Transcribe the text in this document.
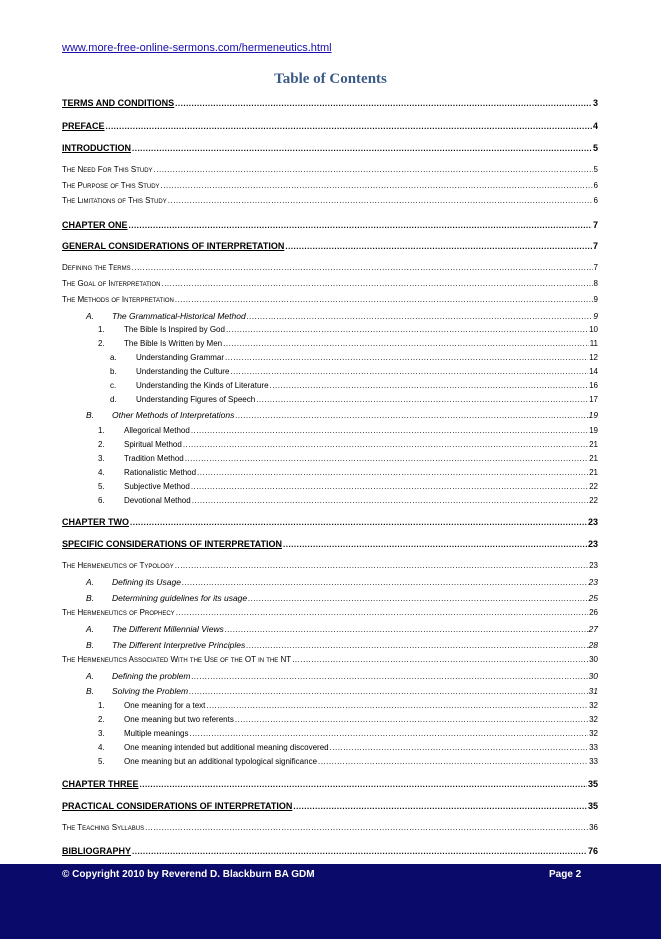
www.more-free-online-sermons.com/hermeneutics.html
Table of Contents
TERMS AND CONDITIONS .....	3
PREFACE .....	4
INTRODUCTION .....	5
The Need For This Study .....	5
The Purpose of This Study .....	6
The Limitations of This Study .....	6
CHAPTER ONE .....	7
GENERAL CONSIDERATIONS OF INTERPRETATION .....	7
Defining the Terms .....	7
The Goal of Interpretation .....	8
The Methods of Interpretation .....	9
A. The Grammatical-Historical Method .....	9
1. The Bible Is Inspired by God .....	10
2. The Bible Is Written by Men .....	11
a. Understanding Grammar .....	12
b. Understanding the Culture .....	14
c. Understanding the Kinds of Literature .....	16
d. Understanding Figures of Speech .....	17
B. Other Methods of Interpretations .....	19
1. Allegorical Method .....	19
2. Spiritual Method .....	21
3. Tradition Method .....	21
4. Rationalistic Method .....	21
5. Subjective Method .....	22
6. Devotional Method .....	22
CHAPTER TWO .....	23
SPECIFIC CONSIDERATIONS OF INTERPRETATION .....	23
The Hermeneutics of Typology .....	23
A. Defining its Usage .....	23
B. Determining guidelines for its usage .....	25
The Hermeneutics of Prophecy .....	26
A. The Different Millennial Views .....	27
B. The Different Interpretive Principles .....	28
The Hermeneutics Associated With the Use of the OT in the NT .....	30
A. Defining the problem .....	30
B. Solving the Problem .....	31
1. One meaning for a text .....	32
2. One meaning but two referents .....	32
3. Multiple meanings .....	32
4. One meaning intended but additional meaning discovered .....	33
5. One meaning but an additional typological significance .....	33
CHAPTER THREE .....	35
PRACTICAL CONSIDERATIONS OF INTERPRETATION .....	35
The Teaching Syllabus .....	36
BIBLIOGRAPHY .....	76
© Copyright 2010 by Reverend D. Blackburn BA GDM	Page 2
